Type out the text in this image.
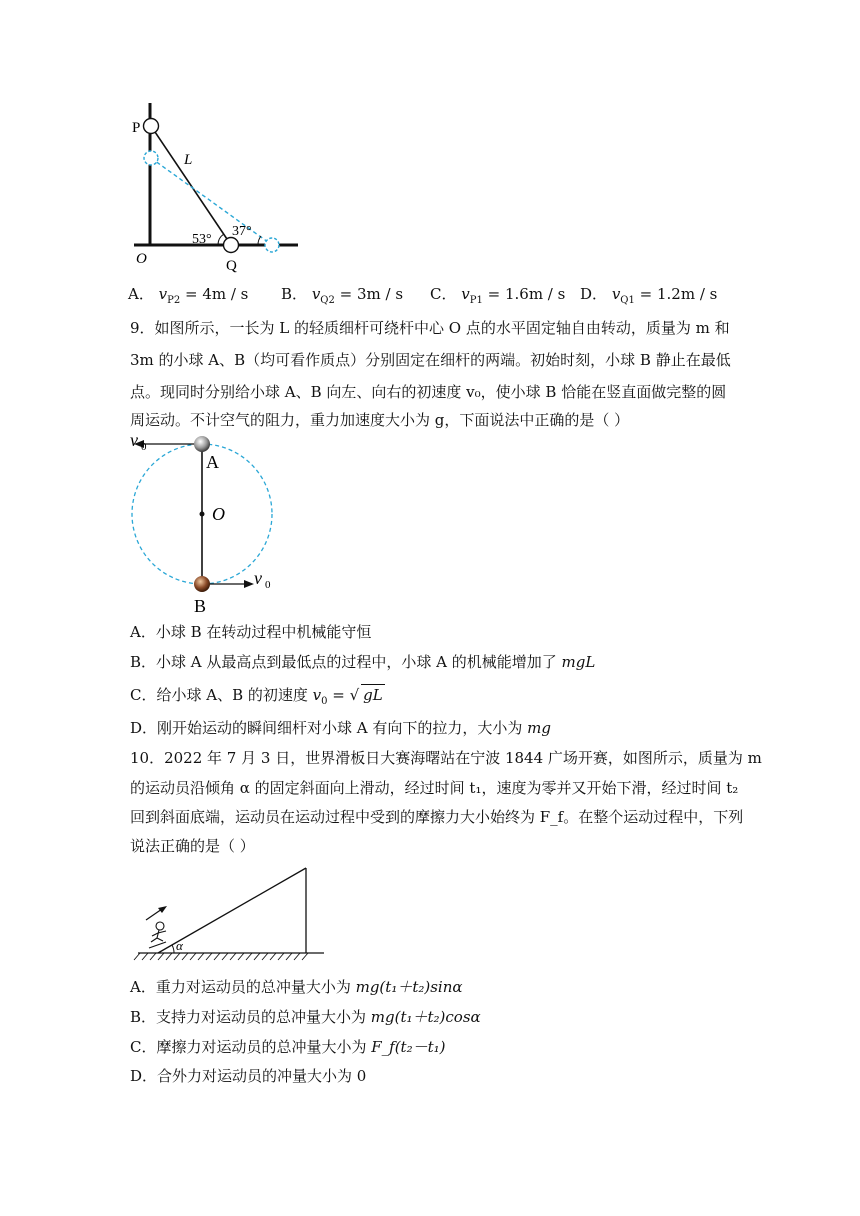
P
L
53°
37°
O	Q
A． $v_{P2} = 4m / s$ B． $v_{Q2} = 3m / s$ C． $v_{P1} = 1.6m / s$ D． $v_{Q1} = 1.2m / s$
9．如图所示，一长为 L 的轻质细杆可绕杆中心 O 点的水平固定轴自由转动，质量为 m 和
3m 的小球 A、B（均可看作质点）分别固定在细杆的两端。初始时刻，小球 B 静止在最低
点。现同时分别给小球 A、B 向左、向右的初速度 v₀，使小球 B 恰能在竖直面做完整的圆
周运动。不计空气的阻力，重力加速度大小为 g，下面说法中正确的是（ ）
v 0
A
O
B
v 0
A．小球 B 在转动过程中机械能守恒
B．小球 A 从最高点到最低点的过程中，小球 A 的机械能增加了 mgL
C．给小球 A、B 的初速度 $v_0$ = √ gL
D．刚开始运动的瞬间细杆对小球 A 有向下的拉力，大小为 mg
10．2022 年 7 月 3 日，世界滑板日大赛海曙站在宁波 1844 广场开赛，如图所示，质量为 m
的运动员沿倾角 α 的固定斜面向上滑动，经过时间 t₁，速度为零并又开始下滑，经过时间 t₂
回到斜面底端，运动员在运动过程中受到的摩擦力大小始终为 F_f。在整个运动过程中，下列
说法正确的是（ ）
α
A．重力对运动员的总冲量大小为 mg(t₁＋t₂)sinα
B．支持力对运动员的总冲量大小为 mg(t₁＋t₂)cosα
C．摩擦力对运动员的总冲量大小为 F_f(t₂－t₁)
D．合外力对运动员的冲量大小为 0
